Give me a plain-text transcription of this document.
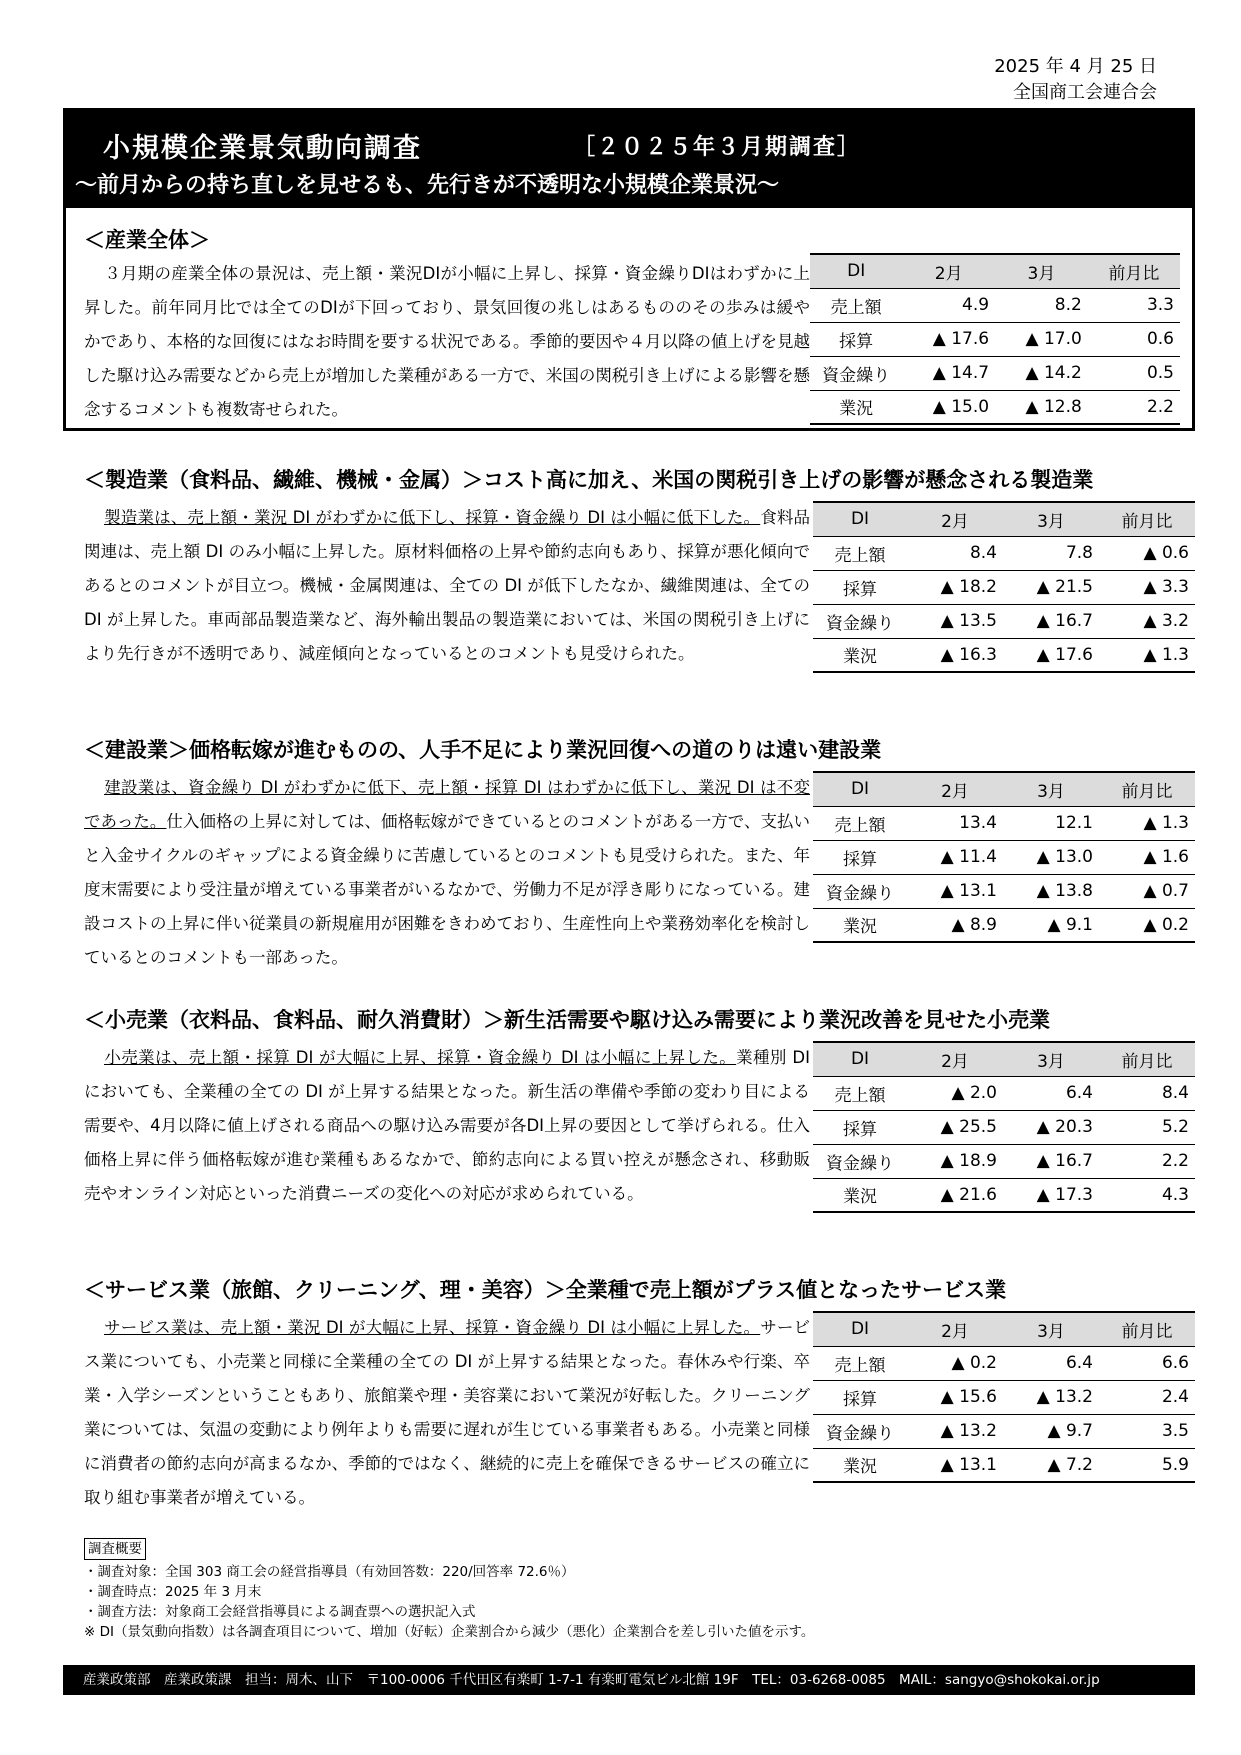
2025 年 4 月 25 日
全国商工会連合会
小規模企業景気動向調査	［２０２５年３月期調査］
～前月からの持ち直しを見せるも、先行きが不透明な小規模企業景況～
＜産業全体＞
３月期の産業全体の景況は、売上額・業況DIが小幅に上昇し、採算・資金繰りDIはわずかに上昇した。前年同月比では全てのDIが下回っており、景気回復の兆しはあるもののその歩みは緩やかであり、本格的な回復にはなお時間を要する状況である。季節的要因や４月以降の値上げを見越した駆け込み需要などから売上が増加した業種がある一方で、米国の関税引き上げによる影響を懸念するコメントも複数寄せられた。
DI	2月	3月	前月比
売上額	4.9	8.2	3.3
採算	▲ 17.6	▲ 17.0	0.6
資金繰り	▲ 14.7	▲ 14.2	0.5
業況	▲ 15.0	▲ 12.8	2.2
＜製造業（食料品、繊維、機械・金属）＞コスト高に加え、米国の関税引き上げの影響が懸念される製造業
製造業は、売上額・業況 DI がわずかに低下し、採算・資金繰り DI は小幅に低下した。食料品関連は、売上額 DI のみ小幅に上昇した。原材料価格の上昇や節約志向もあり、採算が悪化傾向であるとのコメントが目立つ。機械・金属関連は、全ての DI が低下したなか、繊維関連は、全ての DI が上昇した。車両部品製造業など、海外輸出製品の製造業においては、米国の関税引き上げにより先行きが不透明であり、減産傾向となっているとのコメントも見受けられた。
DI	2月	3月	前月比
売上額	8.4	7.8	▲ 0.6
採算	▲ 18.2	▲ 21.5	▲ 3.3
資金繰り	▲ 13.5	▲ 16.7	▲ 3.2
業況	▲ 16.3	▲ 17.6	▲ 1.3
＜建設業＞価格転嫁が進むものの、人手不足により業況回復への道のりは遠い建設業
建設業は、資金繰り DI がわずかに低下、売上額・採算 DI はわずかに低下し、業況 DI は不変であった。仕入価格の上昇に対しては、価格転嫁ができているとのコメントがある一方で、支払いと入金サイクルのギャップによる資金繰りに苦慮しているとのコメントも見受けられた。また、年度末需要により受注量が増えている事業者がいるなかで、労働力不足が浮き彫りになっている。建設コストの上昇に伴い従業員の新規雇用が困難をきわめており、生産性向上や業務効率化を検討しているとのコメントも一部あった。
DI	2月	3月	前月比
売上額	13.4	12.1	▲ 1.3
採算	▲ 11.4	▲ 13.0	▲ 1.6
資金繰り	▲ 13.1	▲ 13.8	▲ 0.7
業況	▲ 8.9	▲ 9.1	▲ 0.2
＜小売業（衣料品、食料品、耐久消費財）＞新生活需要や駆け込み需要により業況改善を見せた小売業
小売業は、売上額・採算 DI が大幅に上昇、採算・資金繰り DI は小幅に上昇した。業種別 DI においても、全業種の全ての DI が上昇する結果となった。新生活の準備や季節の変わり目による需要や、4月以降に値上げされる商品への駆け込み需要が各DI上昇の要因として挙げられる。仕入価格上昇に伴う価格転嫁が進む業種もあるなかで、節約志向による買い控えが懸念され、移動販売やオンライン対応といった消費ニーズの変化への対応が求められている。
DI	2月	3月	前月比
売上額	▲ 2.0	6.4	8.4
採算	▲ 25.5	▲ 20.3	5.2
資金繰り	▲ 18.9	▲ 16.7	2.2
業況	▲ 21.6	▲ 17.3	4.3
＜サービス業（旅館、クリーニング、理・美容）＞全業種で売上額がプラス値となったサービス業
サービス業は、売上額・業況 DI が大幅に上昇、採算・資金繰り DI は小幅に上昇した。サービス業についても、小売業と同様に全業種の全ての DI が上昇する結果となった。春休みや行楽、卒業・入学シーズンということもあり、旅館業や理・美容業において業況が好転した。クリーニング業については、気温の変動により例年よりも需要に遅れが生じている事業者もある。小売業と同様に消費者の節約志向が高まるなか、季節的ではなく、継続的に売上を確保できるサービスの確立に取り組む事業者が増えている。
DI	2月	3月	前月比
売上額	▲ 0.2	6.4	6.6
採算	▲ 15.6	▲ 13.2	2.4
資金繰り	▲ 13.2	▲ 9.7	3.5
業況	▲ 13.1	▲ 7.2	5.9
調査概要
・調査対象：全国 303 商工会の経営指導員（有効回答数：220/回答率 72.6％）
・調査時点：2025 年 3 月末
・調査方法：対象商工会経営指導員による調査票への選択記入式
※ DI（景気動向指数）は各調査項目について、増加（好転）企業割合から減少（悪化）企業割合を差し引いた値を示す。
産業政策部　産業政策課　担当：周木、山下　〒100-0006 千代田区有楽町 1-7-1 有楽町電気ビル北館 19F　TEL：03-6268-0085　MAIL：sangyo@shokokai.or.jp
